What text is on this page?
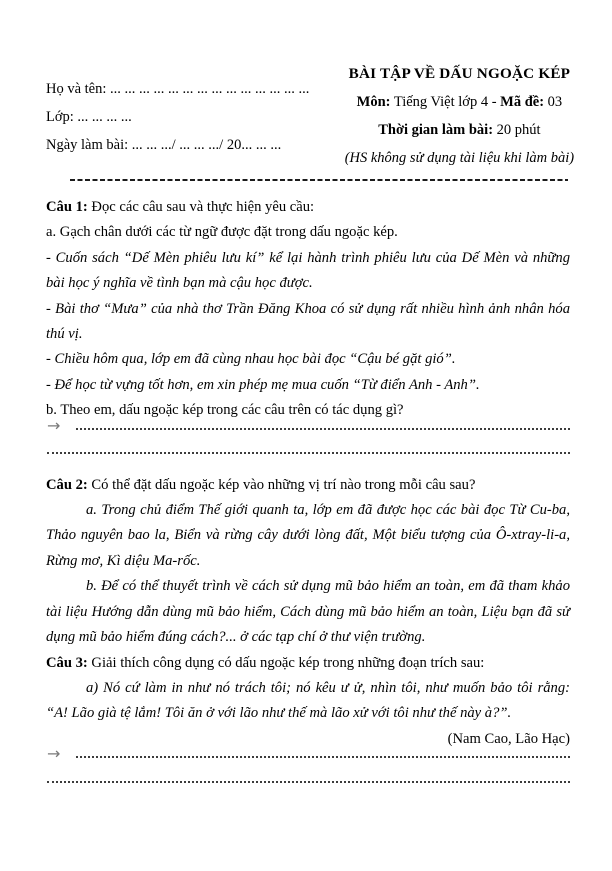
Họ và tên: ... ... ... ... ... ... ... ... ... ... ... ... ... ...
Lớp: ... ... ... ...
Ngày làm bài: ... ... .../ ... ... .../ 20... ... ...
BÀI TẬP VỀ DẤU NGOẶC KÉP
Môn: Tiếng Việt lớp 4 - Mã đề: 03
Thời gian làm bài: 20 phút
(HS không sử dụng tài liệu khi làm bài)

Câu 1: Đọc các câu sau và thực hiện yêu cầu:

a. Gạch chân dưới các từ ngữ được đặt trong dấu ngoặc kép.

- Cuốn sách “Dế Mèn phiêu lưu kí” kể lại hành trình phiêu lưu của Dế Mèn và những bài học ý nghĩa về tình bạn mà cậu học được.

- Bài thơ “Mưa” của nhà thơ Trần Đăng Khoa có sử dụng rất nhiều hình ảnh nhân hóa thú vị.

- Chiều hôm qua, lớp em đã cùng nhau học bài đọc “Cậu bé gặt gió”.

- Để học từ vựng tốt hơn, em xin phép mẹ mua cuốn “Từ điển Anh - Anh”.

b. Theo em, dấu ngoặc kép trong các câu trên có tác dụng gì?

→

Câu 2: Có thể đặt dấu ngoặc kép vào những vị trí nào trong mỗi câu sau?

a. Trong chủ điểm Thế giới quanh ta, lớp em đã được học các bài đọc Từ Cu-ba, Thảo nguyên bao la, Biển và rừng cây dưới lòng đất, Một biểu tượng của Ô-xtray-li-a, Rừng mơ, Kì diệu Ma-rốc.

b. Để có thể thuyết trình về cách sử dụng mũ bảo hiểm an toàn, em đã tham khảo tài liệu Hướng dẫn dùng mũ bảo hiểm, Cách dùng mũ bảo hiểm an toàn, Liệu bạn đã sử dụng mũ bảo hiểm đúng cách?... ở các tạp chí ở thư viện trường.

Câu 3: Giải thích công dụng có dấu ngoặc kép trong những đoạn trích sau:

a) Nó cứ làm in như nó trách tôi; nó kêu ư ử, nhìn tôi, như muốn bảo tôi rằng: “A! Lão già tệ lắm! Tôi ăn ở với lão như thế mà lão xử với tôi như thế này à?”.

(Nam Cao, Lão Hạc)

→
